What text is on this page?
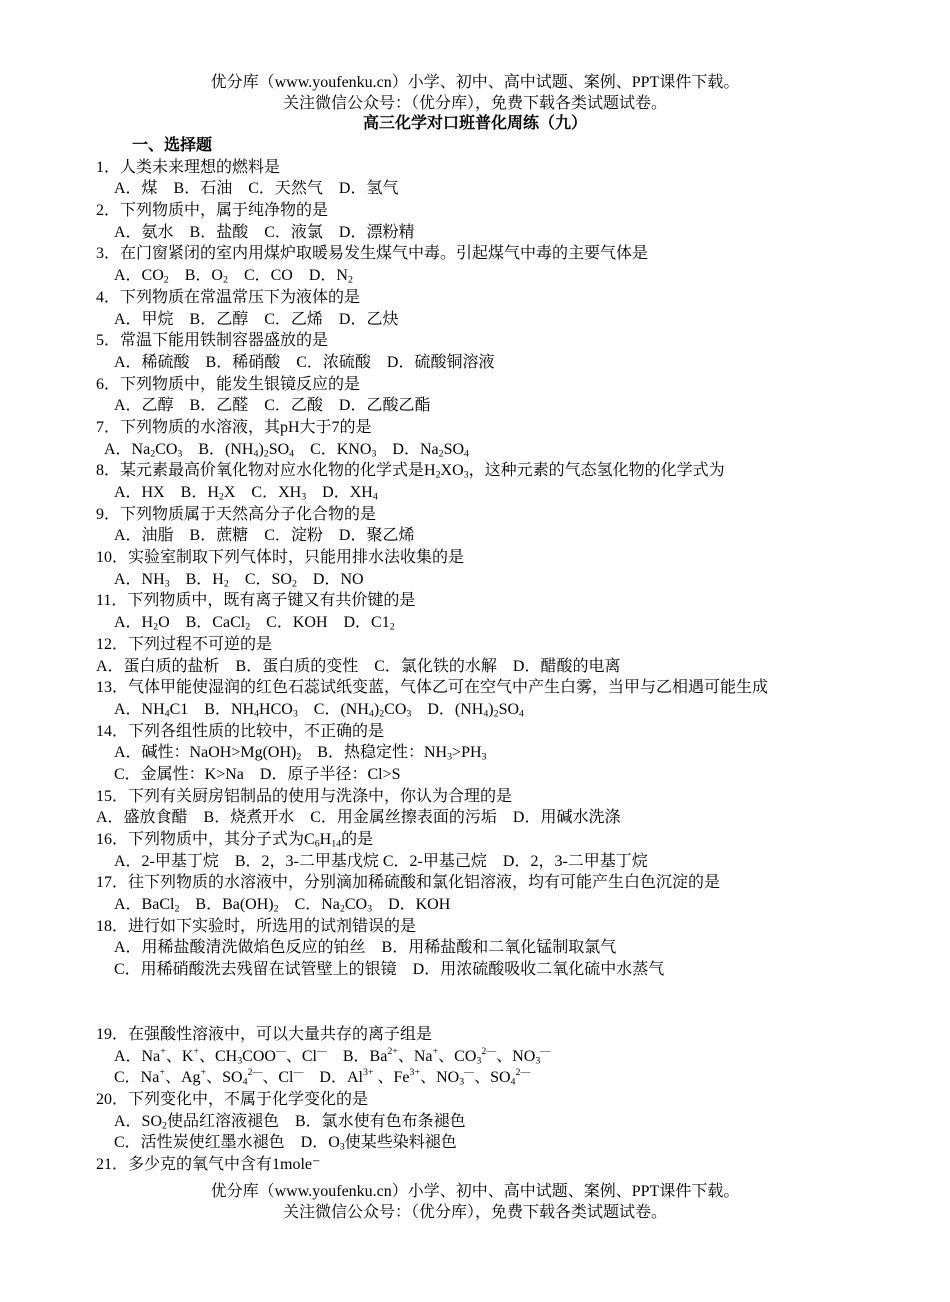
优分库（www.youfenku.cn）小学、初中、高中试题、案例、PPT课件下载。
关注微信公众号：（优分库），免费下载各类试题试卷。
高三化学对口班普化周练（九）
一、选择题
1．人类未来理想的燃料是
A．煤　B．石油　C．天然气　D．氢气
2．下列物质中，属于纯净物的是
A．氨水　B．盐酸　C．液氯　D．漂粉精
3．在门窗紧闭的室内用煤炉取暖易发生煤气中毒。引起煤气中毒的主要气体是
A．$CO_2$　B．$O_2$　C．CO　D．$N_2$
4．下列物质在常温常压下为液体的是
A．甲烷　B．乙醇　C．乙烯　D．乙炔
5．常温下能用铁制容器盛放的是
A．稀硫酸　B．稀硝酸　C．浓硫酸　D．硫酸铜溶液
6．下列物质中，能发生银镜反应的是
A．乙醇　B．乙醛　C．乙酸　D．乙酸乙酯
7．下列物质的水溶液，其pH大于7的是
A．$Na_2CO_3$　B．$(NH_4)_2SO_4$　C．$KNO_3$　D．$Na_2SO_4$
8．某元素最高价氧化物对应水化物的化学式是$H_2XO_3$，这种元素的气态氢化物的化学式为
A．HX　B．$H_2X$　C．$XH_3$　D．$XH_4$
9．下列物质属于天然高分子化合物的是
A．油脂　B．蔗糖　C．淀粉　D．聚乙烯
10．实验室制取下列气体时，只能用排水法收集的是
A．$NH_3$　B．$H_2$　C．$SO_2$　D．NO
11．下列物质中，既有离子键又有共价键的是
A．$H_2O$　B．CaCl$_2$　C．KOH　D．$C1_2$
12．下列过程不可逆的是
A．蛋白质的盐析　B．蛋白质的变性　C．氯化铁的水解　D．醋酸的电离
13．气体甲能使湿润的红色石蕊试纸变蓝，气体乙可在空气中产生白雾，当甲与乙相遇可能生成
A．$NH_4C1$　B．$NH_4HCO_3$　C．$(NH_4)_2CO_3$　D．$(NH_4)_2SO_4$
14．下列各组性质的比较中，不正确的是
A．碱性：$NaOH>Mg(OH)_2$　B．热稳定性：$NH_3>PH_3$
C．金属性：K>Na　D．原子半径：Cl>S
15．下列有关厨房铝制品的使用与洗涤中，你认为合理的是
A．盛放食醋　B．烧煮开水　C．用金属丝擦表面的污垢　D．用碱水洗涤
16．下列物质中，其分子式为$C_6H_{14}$的是
A．2-甲基丁烷　B．2，3-二甲基戊烷 C．2-甲基己烷　D．2，3-二甲基丁烷
17．往下列物质的水溶液中，分别滴加稀硫酸和氯化铝溶液，均有可能产生白色沉淀的是
A．BaCl$_2$　B．$Ba(OH)_2$　C．$Na_2CO_3$　D．KOH
18．进行如下实验时，所选用的试剂错误的是
A．用稀盐酸清洗做焰色反应的铂丝　B．用稀盐酸和二氧化锰制取氯气
C．用稀硝酸洗去残留在试管壁上的银镜　D．用浓硫酸吸收二氧化硫中水蒸气
19．在强酸性溶液中，可以大量共存的离子组是
A．Na+、K+、$CH_3COO^—$、Cl—　B．$Ba^{2+}$、Na+、$CO_3^{2—}$、$NO_3^—$
C．Na+、Ag+、$SO_4^{2—}$、Cl—　D．$Al^{3+}$ 、$Fe^{3+}$、$NO_3^—$、$SO_4^{2—}$
20．下列变化中，不属于化学变化的是
A．$SO_2$使品红溶液褪色　B．氯水使有色布条褪色
C．活性炭使红墨水褪色　D．$O_3$使某些染料褪色
21．多少克的氧气中含有1mole⁻
优分库（www.youfenku.cn）小学、初中、高中试题、案例、PPT课件下载。
关注微信公众号：（优分库），免费下载各类试题试卷。
